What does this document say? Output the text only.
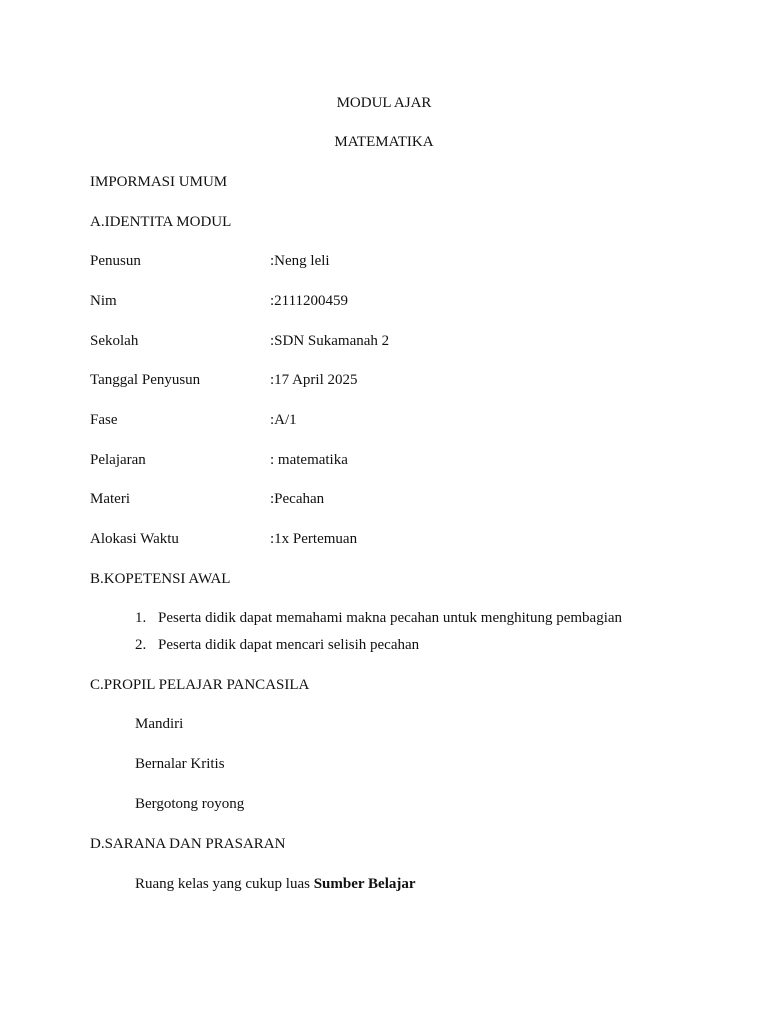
MODUL AJAR
MATEMATIKA
IMPORMASI UMUM
A.IDENTITA MODUL
Penusun	:Neng leli
Nim	:2111200459
Sekolah	:SDN Sukamanah 2
Tanggal Penyusun	:17 April 2025
Fase	:A/1
Pelajaran	: matematika
Materi	:Pecahan
Alokasi Waktu	:1x Pertemuan
B.KOPETENSI AWAL
1. Peserta didik dapat memahami makna pecahan untuk menghitung pembagian
2. Peserta didik dapat mencari selisih pecahan
C.PROPIL PELAJAR PANCASILA
Mandiri
Bernalar Kritis
Bergotong royong
D.SARANA DAN PRASARAN
Ruang kelas yang cukup luas Sumber Belajar
